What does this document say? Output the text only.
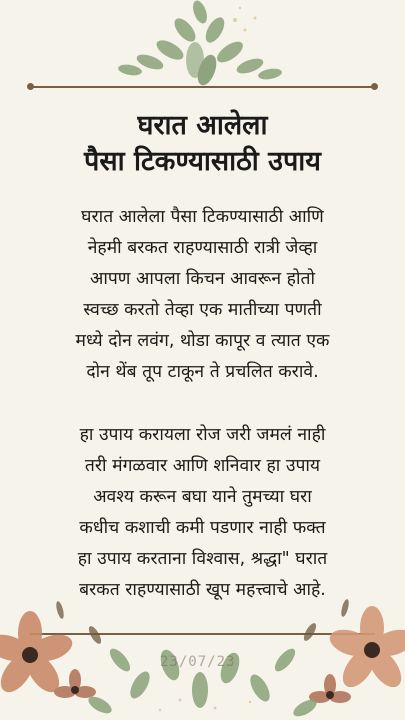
घरात आलेला
पैसा टिकण्यासाठी उपाय
घरात आलेला पैसा टिकण्यासाठी आणि
नेहमी बरकत राहण्यासाठी रात्री जेव्हा
आपण आपला किचन आवरून होतो
स्वच्छ करतो तेव्हा एक मातीच्या पणती
मध्ये दोन लवंग, थोडा कापूर व त्यात एक
दोन थेंब तूप टाकून ते प्रचलित करावे.
हा उपाय करायला रोज जरी जमलं नाही
तरी मंगळवार आणि शनिवार हा उपाय
अवश्य करून बघा याने तुमच्या घरा
कधीच कशाची कमी पडणार नाही फक्त
हा उपाय करताना विश्वास, श्रद्धा" घरात
बरकत राहण्यासाठी खूप महत्त्वाचे आहे.
23/07/23
